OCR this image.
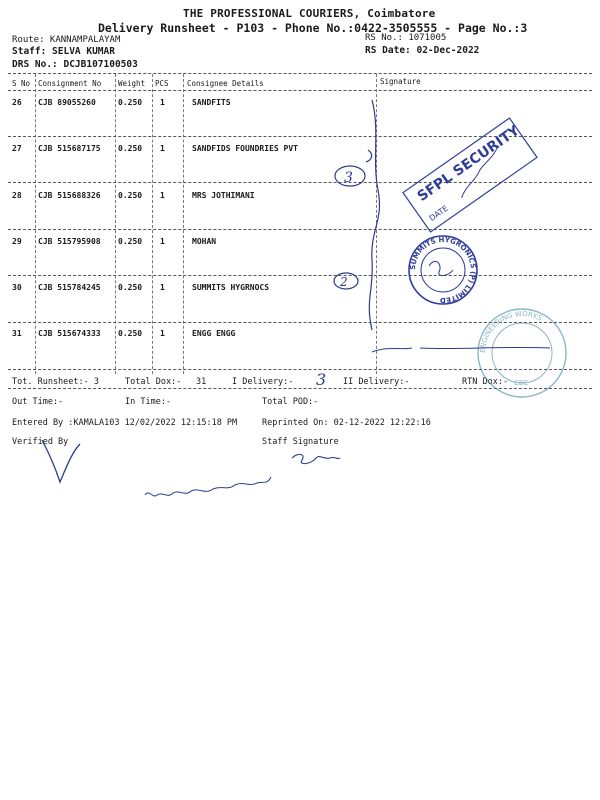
THE PROFESSIONAL COURIERS, Coimbatore
Delivery Runsheet - P103 - Phone No.:0422-3505555 - Page No.:3
Route: KANNAMPALAYAM
Staff: SELVA KUMAR
DRS No.: DCJB107100503
RS No.: 1071005
RS Date: 02-Dec-2022
S No Consignment No Weight PCS Consignee Details	Signature
26 CJB 89055260	0.250 1	SANDFITS
27 CJB 515687175 0.250 1	SANDFIDS FOUNDRIES PVT
28 CJB 515688326 0.250 1	MRS JOTHIMANI
29 CJB 515795908 0.250 1	MOHAN
30 CJB 515784245 0.250 1	SUMMITS HYGRNOCS
31 CJB 515674333 0.250 1	ENGG ENGG
Tot. Runsheet:- 3	Total Dox:- 31	I Delivery:-	II Delivery:-	RTN Dox:-
Out Time:-	In Time:-	Total POD:-
Entered By :KAMALA103 12/02/2022 12:15:18 PM	Reprinted On: 02-12-2022 12:22:16
Verified By	Staff Signature
3
2
SFPL SECURITY
DATE
SUMMITS HYGRONICS (P) LIMITED
ENGINEERING WORKS
CBE
3
